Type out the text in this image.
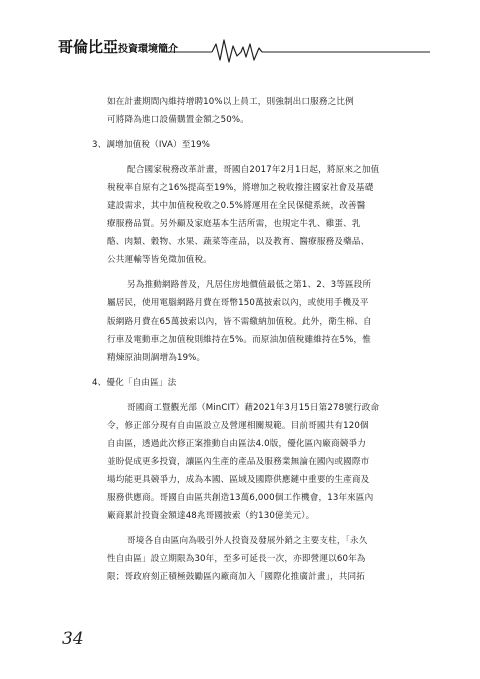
哥倫比亞投資環境簡介

如在計畫期間內維持增聘10%以上員工，則強制出口服務之比例

可將降為進口設備購置金額之50%。

3、調增加值稅（IVA）至19%

配合國家稅務改革計畫，哥國自2017年2月1日起，將原來之加值

稅稅率自原有之16%提高至19%，將增加之稅收撥注國家社會及基礎

建設需求，其中加值稅稅收之0.5%將運用在全民保健系統，改善醫

療服務品質。另外顧及家庭基本生活所需，也規定牛乳、雞蛋、乳

酪、肉類、穀物、水果、蔬菜等產品，以及教育、醫療服務及藥品、

公共運輸等皆免徵加值稅。

另為推動網路普及，凡居住房地價值最低之第1、2、3等區段所

屬居民，使用電腦網路月費在哥幣150萬披索以內，或使用手機及平

版網路月費在65萬披索以內，皆不需繳納加值稅。此外，衛生棉、自

行車及電動車之加值稅則維持在5%。而原油加值稅雖維持在5%，惟

精煉原油則調增為19%。

4、優化「自由區」法

哥國商工暨觀光部（MinCIT）藉2021年3月15日第278號行政命

令，修正部分現有自由區設立及營運相關規範。目前哥國共有120個

自由區，透過此次修正案推動自由區法4.0版，優化區內廠商競爭力

並盼促成更多投資，讓區內生產的產品及服務業無論在國內或國際市

場均能更具競爭力，成為本國、區域及國際供應鏈中重要的生產商及

服務供應商。哥國自由區共創造13萬6,000個工作機會，13年來區內

廠商累計投資金額達48兆哥國披索（約130億美元）。

哥境各自由區向為吸引外人投資及發展外銷之主要支柱，「永久

性自由區」設立期限為30年，至多可延長一次，亦即營運以60年為

限；哥政府刻正積極鼓勵區內廠商加入「國際化推廣計畫」，共同拓

34
